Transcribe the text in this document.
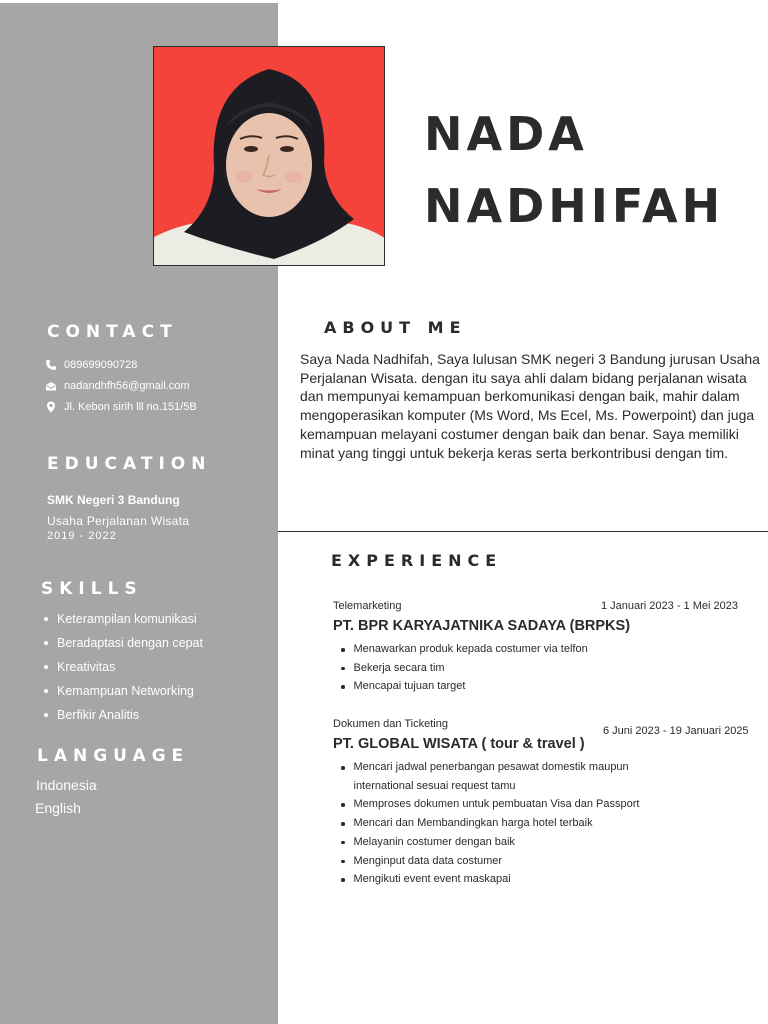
NADA
NADHIFAH
CONTACT
089699090728
nadandhfh56@gmail.com
Jl. Kebon sirih lll no.151/5B
EDUCATION
SMK Negeri 3 Bandung
Usaha Perjalanan Wisata
2019 - 2022
SKILLS
Keterampilan komunikasi
Beradaptasi dengan cepat
Kreativitas
Kemampuan Networking
Berfikir Analitis
LANGUAGE
Indonesia
English
ABOUT ME
Saya Nada Nadhifah, Saya lulusan SMK negeri 3 Bandung jurusan Usaha Perjalanan Wisata. dengan itu saya ahli dalam bidang perjalanan wisata dan mempunyai kemampuan berkomunikasi dengan baik, mahir dalam mengoperasikan komputer (Ms Word, Ms Ecel, Ms. Powerpoint) dan juga kemampuan melayani costumer dengan baik dan benar. Saya memiliki minat yang tinggi untuk bekerja keras serta berkontribusi dengan tim.
EXPERIENCE
Telemarketing	1 Januari 2023 - 1 Mei 2023
PT. BPR KARYAJATNIKA SADAYA (BRPKS)
Menawarkan produk kepada costumer via telfon
Bekerja secara tim
Mencapai tujuan target
Dokumen dan Ticketing
6 Juni 2023 - 19 Januari 2025
PT. GLOBAL WISATA ( tour & travel )
Mencari jadwal penerbangan pesawat domestik maupun international sesuai request tamu
Memproses dokumen untuk pembuatan Visa dan Passport
Mencari dan Membandingkan harga hotel terbaik
Melayanin costumer dengan baik
Menginput data data costumer
Mengikuti event event maskapai
